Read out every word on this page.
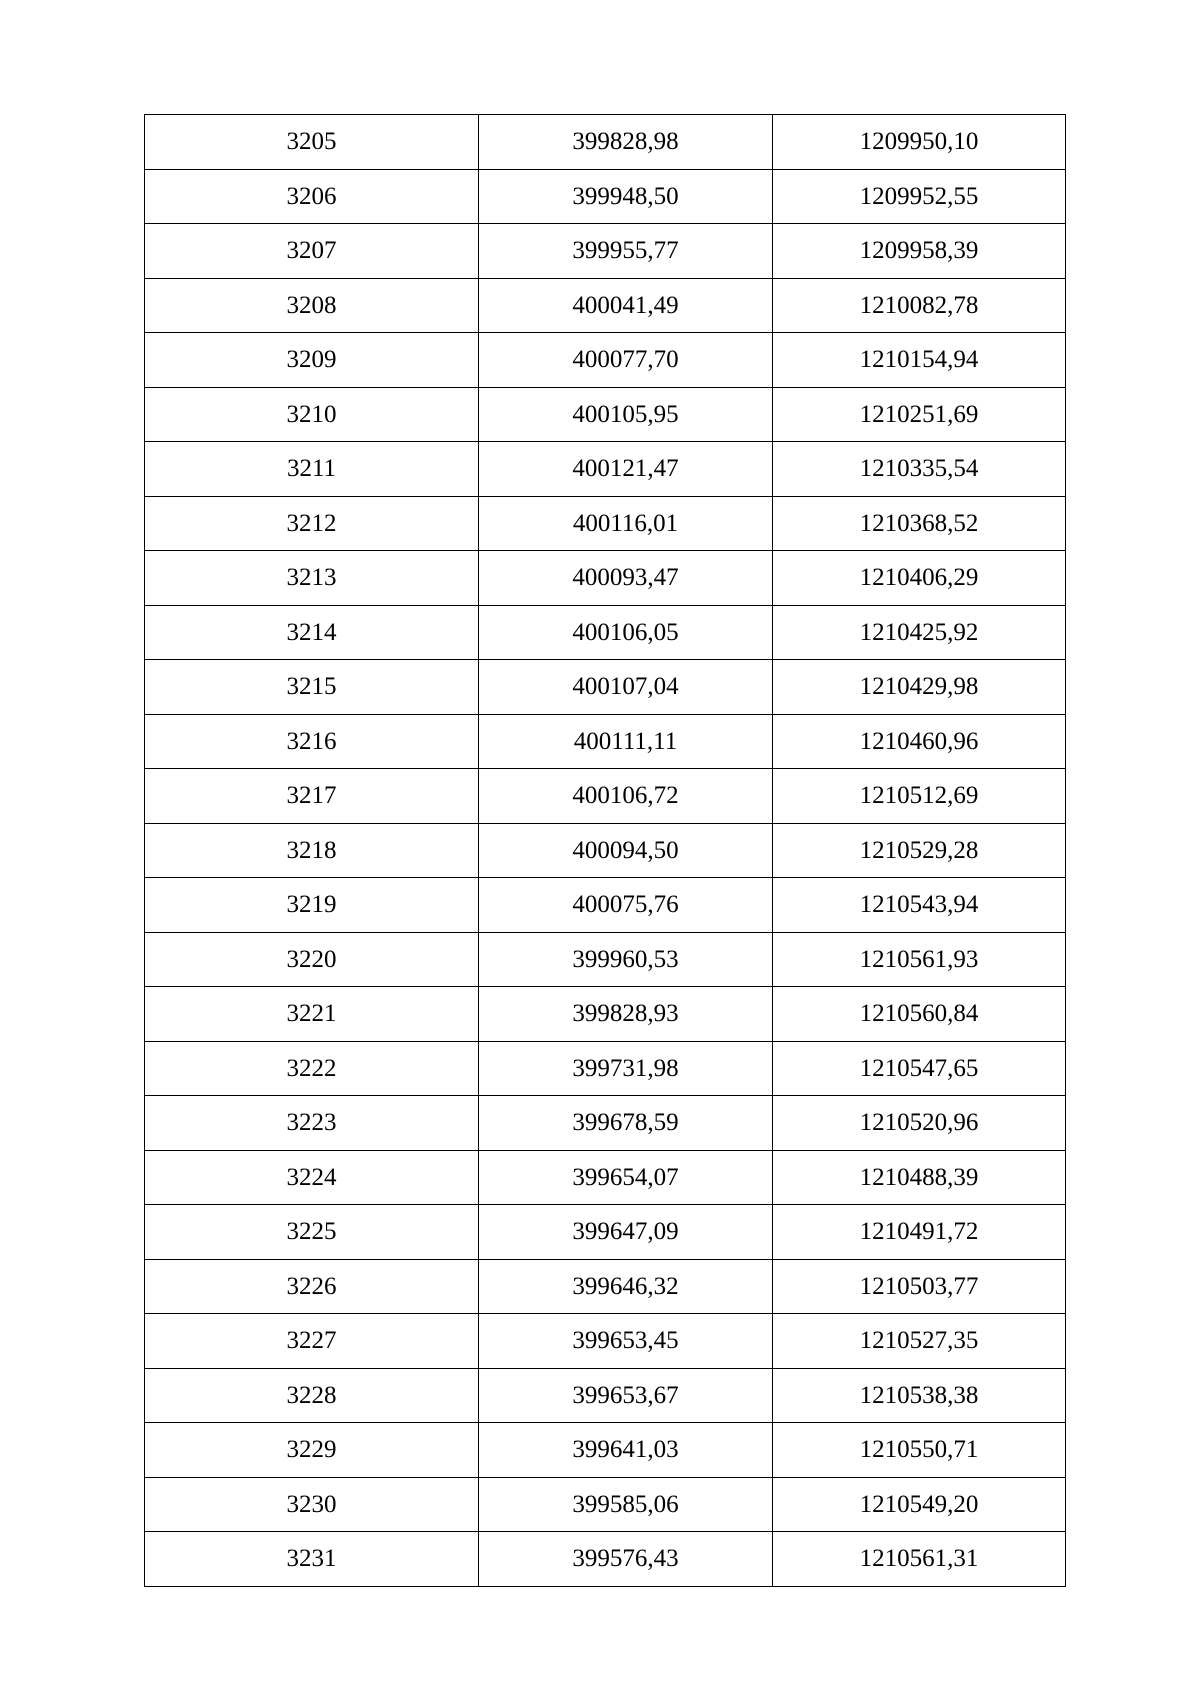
3205	399828,98	1209950,10
3206	399948,50	1209952,55
3207	399955,77	1209958,39
3208	400041,49	1210082,78
3209	400077,70	1210154,94
3210	400105,95	1210251,69
3211	400121,47	1210335,54
3212	400116,01	1210368,52
3213	400093,47	1210406,29
3214	400106,05	1210425,92
3215	400107,04	1210429,98
3216	400111,11	1210460,96
3217	400106,72	1210512,69
3218	400094,50	1210529,28
3219	400075,76	1210543,94
3220	399960,53	1210561,93
3221	399828,93	1210560,84
3222	399731,98	1210547,65
3223	399678,59	1210520,96
3224	399654,07	1210488,39
3225	399647,09	1210491,72
3226	399646,32	1210503,77
3227	399653,45	1210527,35
3228	399653,67	1210538,38
3229	399641,03	1210550,71
3230	399585,06	1210549,20
3231	399576,43	1210561,31
